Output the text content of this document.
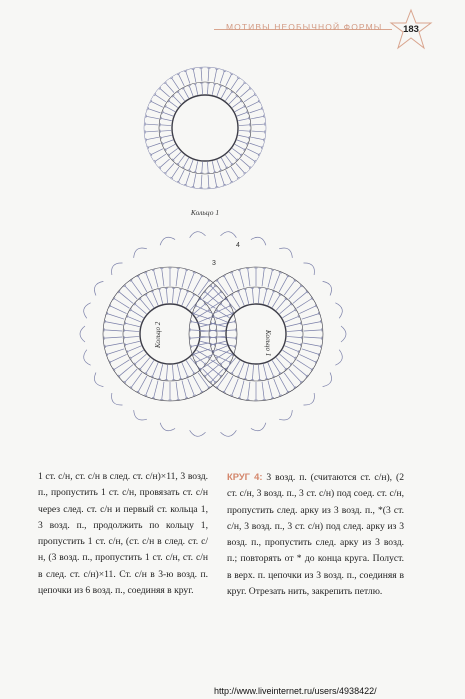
МОТИВЫ НЕОБЫЧНОЙ ФОРМЫ	183
Кольцо 1
Кольцо 2	Кольцо 1
3
4
1 ст. с/н, ст. с/н в след. ст. с/н)×11, 3 возд. п., пропустить 1 ст. с/н, провязать ст. с/н через след. ст. с/н и первый ст. кольца 1, 3 возд. п., продолжить по кольцу 1, пропустить 1 ст. с/н, (ст. с/н в след. ст. с/н, (3 возд. п., пропустить 1 ст. с/н, ст. с/н в след. ст. с/н)×11. Ст. с/н в 3-ю возд. п. цепочки из 6 возд. п., соединяя в круг.
КРУГ 4: 3 возд. п. (считаются ст. с/н), (2 ст. с/н, 3 возд. п., 3 ст. с/н) под соед. ст. с/н, пропустить след. арку из 3 возд. п., *(3 ст. с/н, 3 возд. п., 3 ст. с/н) под след. арку из 3 возд. п., пропустить след. арку из 3 возд. п.; повторять от * до конца круга. Полуст. в верх. п. цепочки из 3 возд. п., соединяя в круг. Отрезать нить, закрепить петлю.
http://www.liveinternet.ru/users/4938422/
